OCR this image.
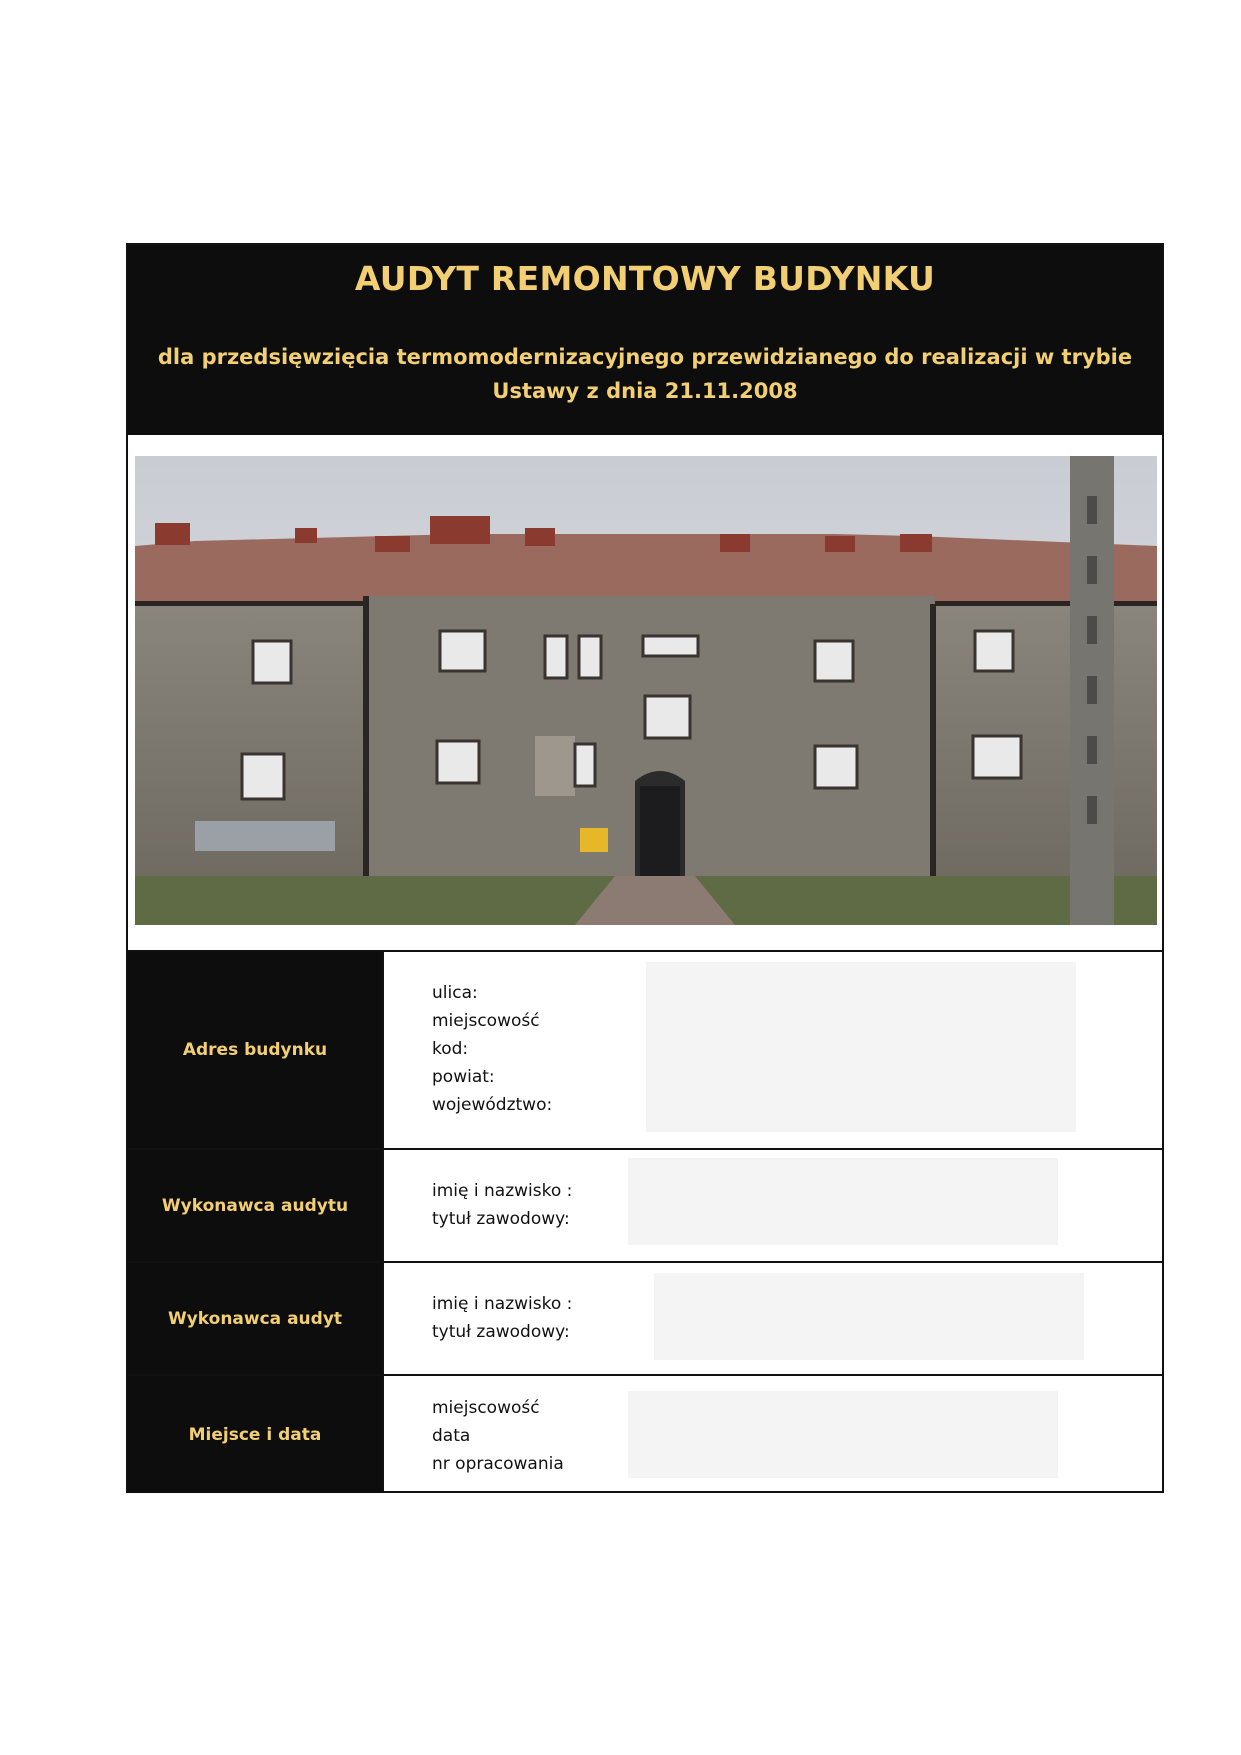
AUDYT REMONTOWY BUDYNKU
dla przedsięwzięcia termomodernizacyjnego przewidzianego do realizacji w trybie Ustawy z dnia 21.11.2008
Adres budynku
ulica:
miejscowość
kod:
powiat:
województwo:
Wykonawca audytu
imię i nazwisko :
tytuł zawodowy:
Wykonawca audyt
imię i nazwisko :
tytuł zawodowy:
Miejsce i data
miejscowość
data
nr opracowania
